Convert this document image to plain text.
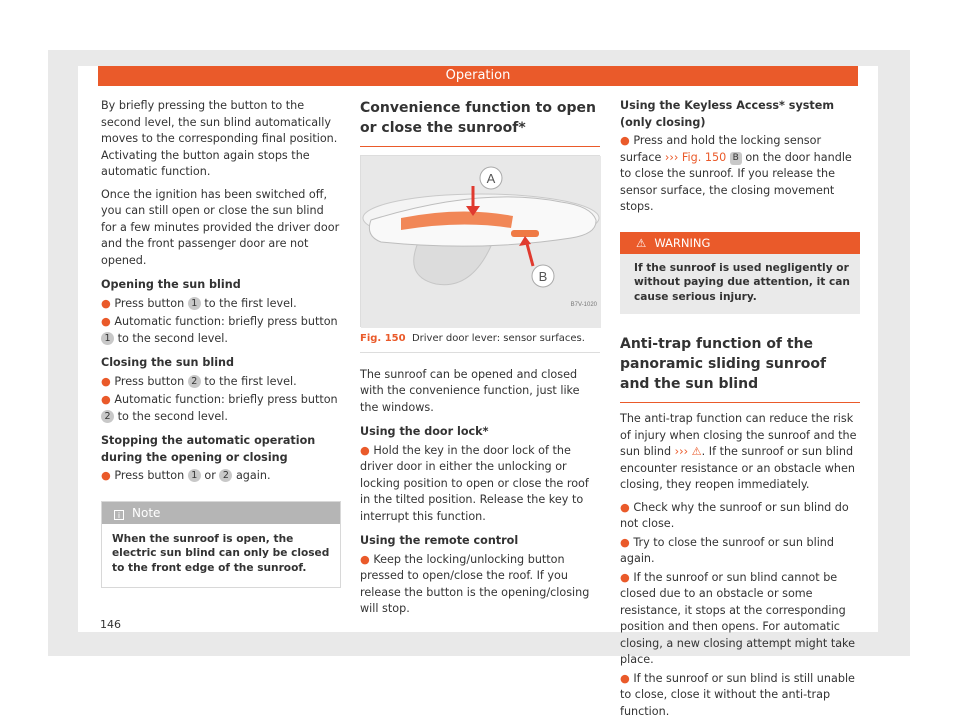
Operation

By briefly pressing the button to the second level, the sun blind automatically moves to the corresponding final position. Activating the button again stops the automatic function.

Once the ignition has been switched off, you can still open or close the sun blind for a few minutes provided the driver door and the front passenger door are not opened.

Opening the sun blind
● Press button 1 to the first level.
● Automatic function: briefly press button 1 to the second level.
Closing the sun blind
● Press button 2 to the first level.
● Automatic function: briefly press button 2 to the second level.
Stopping the automatic operation during the opening or closing
● Press button 1 or 2 again.
i Note
When the sunroof is open, the electric sun blind can only be closed to the front edge of the sunroof.
Convenience function to open or close the sunroof*
A
B
B7V-1020
Fig. 150 Driver door lever: sensor surfaces.

The sunroof can be opened and closed with the convenience function, just like the windows.

Using the door lock*
● Hold the key in the door lock of the driver door in either the unlocking or locking position to open or close the roof in the tilted position. Release the key to interrupt this function.
Using the remote control
● Keep the locking/unlocking button pressed to open/close the roof. If you release the button is the opening/closing will stop.
Using the Keyless Access* system (only closing)
● Press and hold the locking sensor surface ››› Fig. 150 B on the door handle to close the sunroof. If you release the sensor surface, the closing movement stops.
⚠ WARNING
If the sunroof is used negligently or without paying due attention, it can cause serious injury.
Anti-trap function of the panoramic sliding sunroof and the sun blind

The anti-trap function can reduce the risk of injury when closing the sunroof and the sun blind ››› ⚠. If the sunroof or sun blind encounter resistance or an obstacle when closing, they reopen immediately.

● Check why the sunroof or sun blind do not close.
● Try to close the sunroof or sun blind again.
● If the sunroof or sun blind cannot be closed due to an obstacle or some resistance, it stops at the corresponding position and then opens. For automatic closing, a new closing attempt might take place.
● If the sunroof or sun blind is still unable to close, close it without the anti-trap function.
146
